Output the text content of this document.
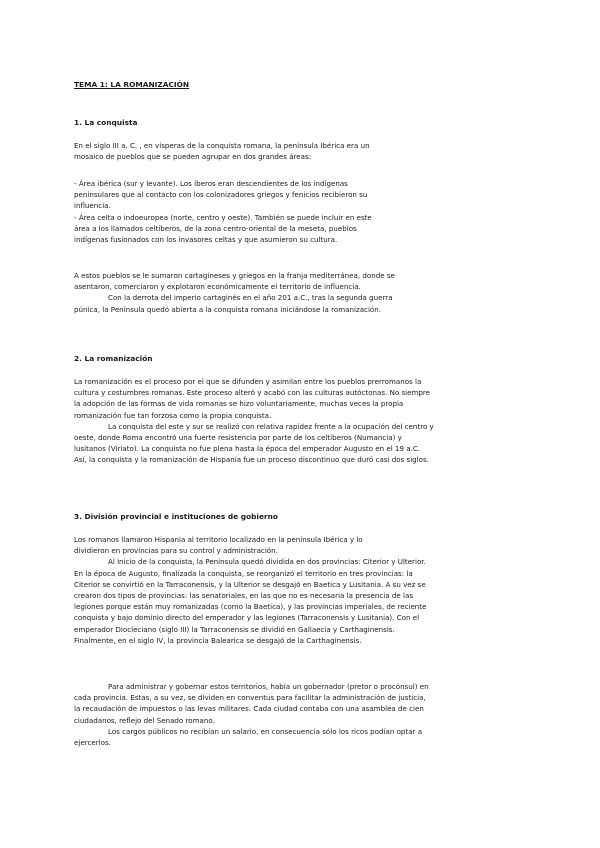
TEMA 1: LA ROMANIZACIÓN
1. La conquista
En el siglo III a. C. , en vísperas de la conquista romana, la península Ibérica era un
mosaico de pueblos que se pueden agrupar en dos grandes áreas:
- Área ibérica (sur y levante). Los íberos eran descendientes de los indígenas
peninsulares que al contacto con los colonizadores griegos y fenicios recibieron su
influencia.
- Área celta o indoeuropea (norte, centro y oeste). También se puede incluir en este
área a los llamados celtíberos, de la zona centro-oriental de la meseta, pueblos
indígenas fusionados con los invasores celtas y que asumieron su cultura.
A estos pueblos se le sumaron cartagineses y griegos en la franja mediterránea, donde se
asentaron, comerciaron y explotaron económicamente el territorio de influencia.
Con la derrota del imperio cartaginés en el año 201 a.C., tras la segunda guerra
púnica, la Península quedó abierta a la conquista romana iniciándose la romanización.
2. La romanización
La romanización es el proceso por el que se difunden y asimilan entre los pueblos prerromanos la
cultura y costumbres romanas. Este proceso alteró y acabó con las culturas autóctonas. No siempre
la adopción de las formas de vida romanas se hizo voluntariamente, muchas veces la propia
romanización fue tan forzosa como la propia conquista.
La conquista del este y sur se realizó con relativa rapidez frente a la ocupación del centro y
oeste, donde Roma encontró una fuerte resistencia por parte de los celtíberos (Numancia) y
lusitanos (Viriato). La conquista no fue plena hasta la época del emperador Augusto en el 19 a.C.
Así, la conquista y la romanización de Hispania fue un proceso discontinuo que duró casi dos siglos.
3. División provincial e instituciones de gobierno
Los romanos llamaron Hispania al territorio localizado en la península Ibérica y lo
dividieron en provincias para su control y administración.
Al inicio de la conquista, la Península quedó dividida en dos provincias: Citerior y Ulterior.
En la época de Augusto, finalizada la conquista, se reorganizó el territorio en tres provincias: la
Citerior se convirtió en la Tarraconensis, y la Ulterior se desgajó en Baetica y Lusitania. A su vez se
crearon dos tipos de provincias: las senatoriales, en las que no es necesaria la presencia de las
legiones porque están muy romanizadas (como la Baetica), y las provincias imperiales, de reciente
conquista y bajo dominio directo del emperador y las legiones (Tarraconensis y Lusitania). Con el
emperador Diocleciano (siglo III) la Tarraconensis se dividió en Gallaecia y Carthaginensis.
Finalmente, en el siglo IV, la provincia Balearica se desgajó de la Carthaginensis.
Para administrar y gobernar estos territorios, había un gobernador (pretor o procónsul) en
cada provincia. Estas, a su vez, se dividen en conventus para facilitar la administración de justicia,
la recaudación de impuestos o las levas militares. Cada ciudad contaba con una asamblea de cien
ciudadanos, reflejo del Senado romano.
Los cargos públicos no recibían un salario, en consecuencia sólo los ricos podían optar a
ejercerlos.
